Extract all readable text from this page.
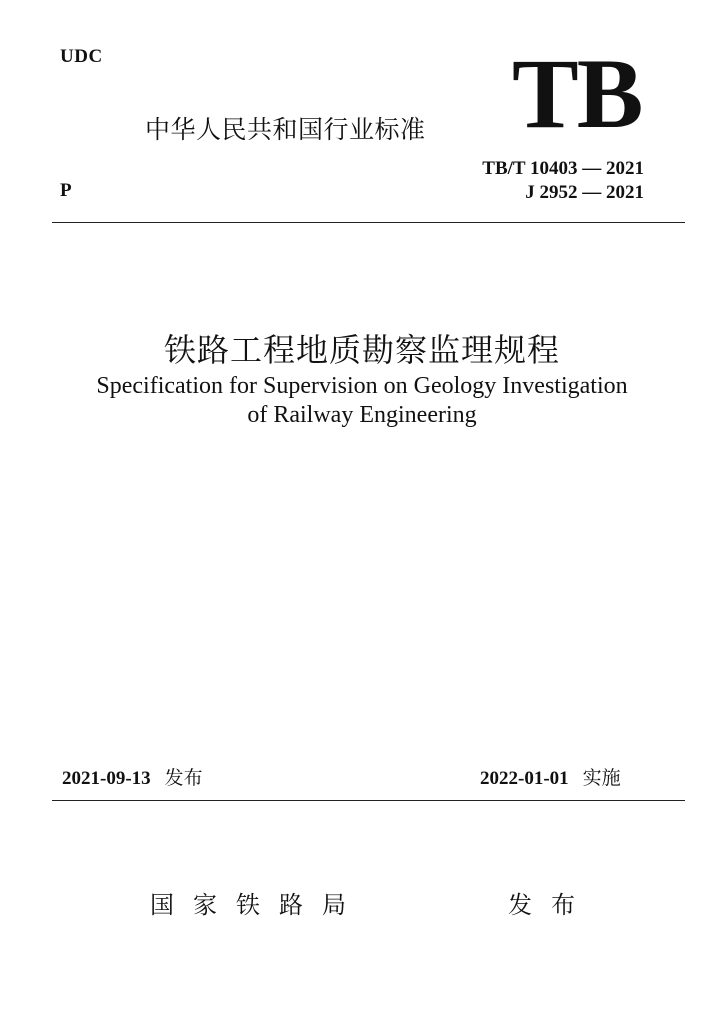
UDC	TB
中华人民共和国行业标准
TB/T 10403 — 2021
J 2952 — 2021
P
铁路工程地质勘察监理规程
Specification for Supervision on Geology Investigation
of Railway Engineering
2021-09-13 发布	2022-01-01 实施
国家铁路局	发布
